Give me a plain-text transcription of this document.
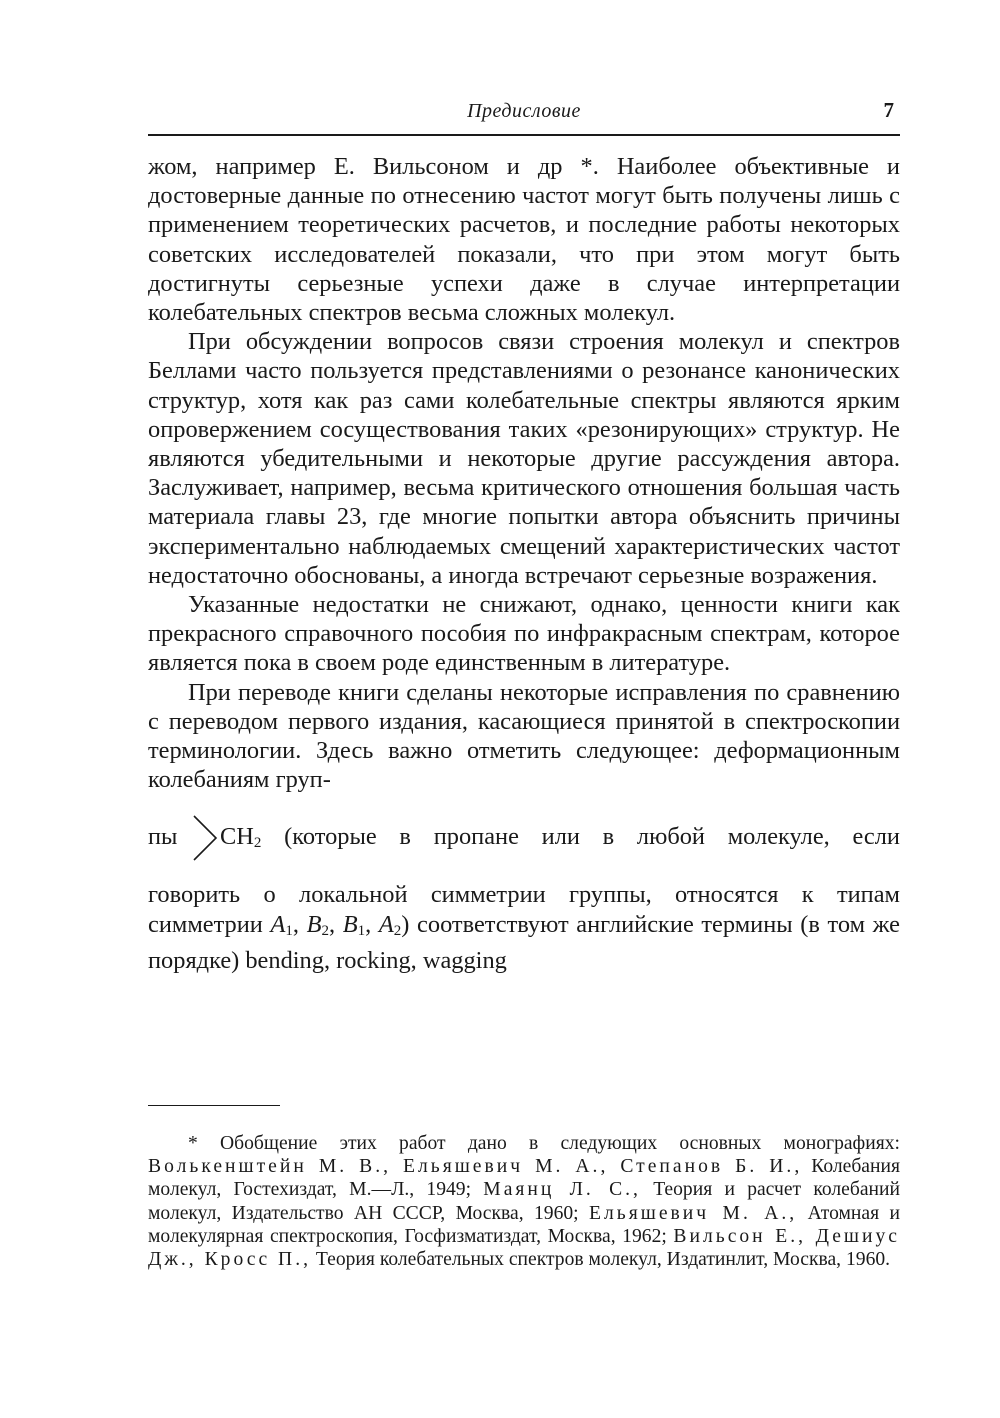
Предисловие	7

жом, например Е. Вильсоном и др *. Наиболее объективные и достоверные данные по отнесению частот могут быть получены лишь с применением теоретических расчетов, и последние работы некоторых советских исследователей показали, что при этом могут быть достигнуты серьезные успехи даже в случае интерпретации колебательных спектров весьма сложных молекул.

При обсуждении вопросов связи строения молекул и спектров Беллами часто пользуется представлениями о резонансе канонических структур, хотя как раз сами колебательные спектры являются ярким опровержением сосуществования таких «резонирующих» структур. Не являются убедительными и некоторые другие рассуждения автора. Заслуживает, например, весьма критического отношения большая часть материала главы 23, где многие попытки автора объяснить причины экспериментально наблюдаемых смещений характеристических частот недостаточно обоснованы, а иногда встречают серьезные возражения.

Указанные недостатки не снижают, однако, ценности книги как прекрасного справочного пособия по инфракрасным спектрам, которое является пока в своем роде единственным в литературе.

При переводе книги сделаны некоторые исправления по сравнению с переводом первого издания, касающиеся принятой в спектроскопии терминологии. Здесь важно отметить следующее: деформационным колебаниям груп-

пы $CH_2$ (которые в пропане или в любой молекуле, если

говорить о локальной симметрии группы, относятся к типам симметрии $A_1$, $B_2$, $B_1$, $A_2$) соответствуют английские термины (в том же порядке) bending, rocking, wagging

* Обобщение этих работ дано в следующих основных монографиях: Волькенштейн М. В., Ельяшевич М. А., Степанов Б. И., Колебания молекул, Гостехиздат, М.—Л., 1949; Маянц Л. С., Теория и расчет колебаний молекул, Издательство АН СССР, Москва, 1960; Ельяшевич М. А., Атомная и молекулярная спектроскопия, Госфизматиздат, Москва, 1962; Вильсон Е., Дешиус Дж., Кросс П., Теория колебательных спектров молекул, Издатинлит, Москва, 1960.
